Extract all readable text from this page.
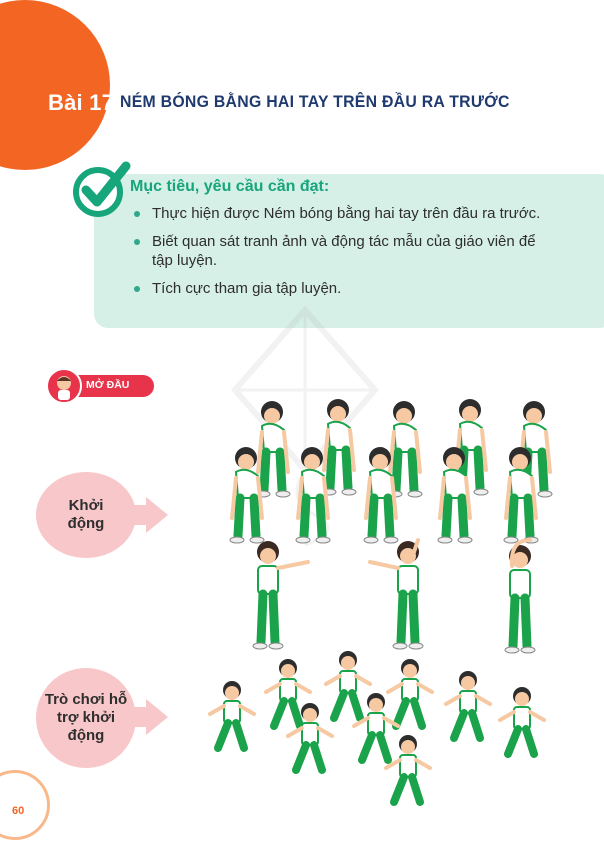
Bài 17. NÉM BÓNG BẰNG HAI TAY TRÊN ĐẦU RA TRƯỚC
Mục tiêu, yêu cầu cần đạt:
Thực hiện được Ném bóng bằng hai tay trên đầu ra trước.
Biết quan sát tranh ảnh và động tác mẫu của giáo viên để tập luyện.
Tích cực tham gia tập luyện.
MỞ ĐẦU
Khởi động
Trò chơi hỗ trợ khởi động
60
